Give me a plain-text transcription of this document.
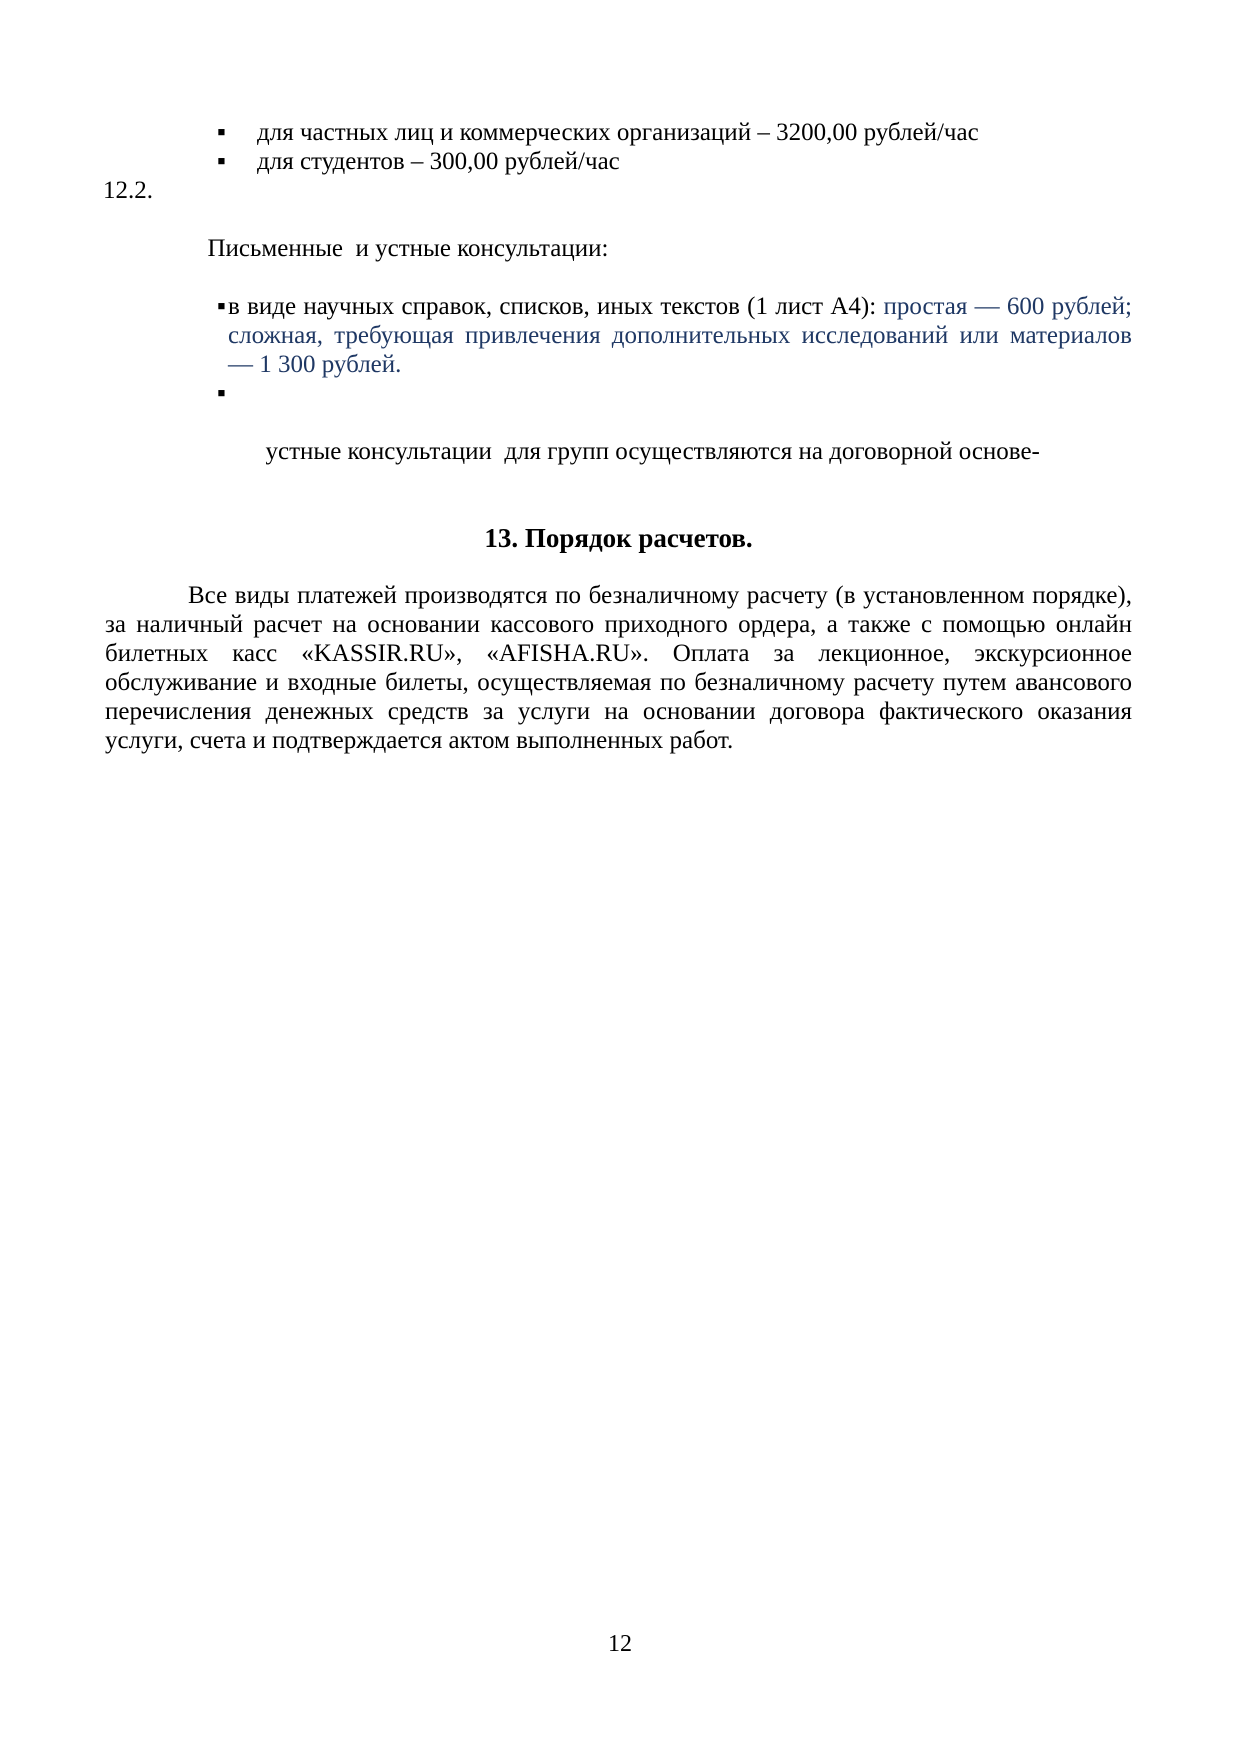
▪ для частных лиц и коммерческих организаций – 3200,00 рублей/час
▪ для студентов – 300,00 рублей/час

12.2.

Письменные  и устные консультации:

▪ в виде научных справок, списков, иных текстов (1 лист А4): простая — 600 рублей; сложная, требующая привлечения дополнительных исследований или материалов — 1 300 рублей.

▪

устные консультации  для групп осуществляются на договорной основе-

13. Порядок расчетов.

Все виды платежей производятся по безналичному расчету (в установленном порядке), за наличный расчет на основании кассового приходного ордера, а также с помощью онлайн билетных касс «KASSIR.RU», «AFISHA.RU». Оплата за лекционное, экскурсионное обслуживание и входные билеты, осуществляемая по безналичному расчету путем авансового перечисления денежных средств за услуги на основании договора фактического оказания услуги, счета и подтверждается актом выполненных работ.

12
